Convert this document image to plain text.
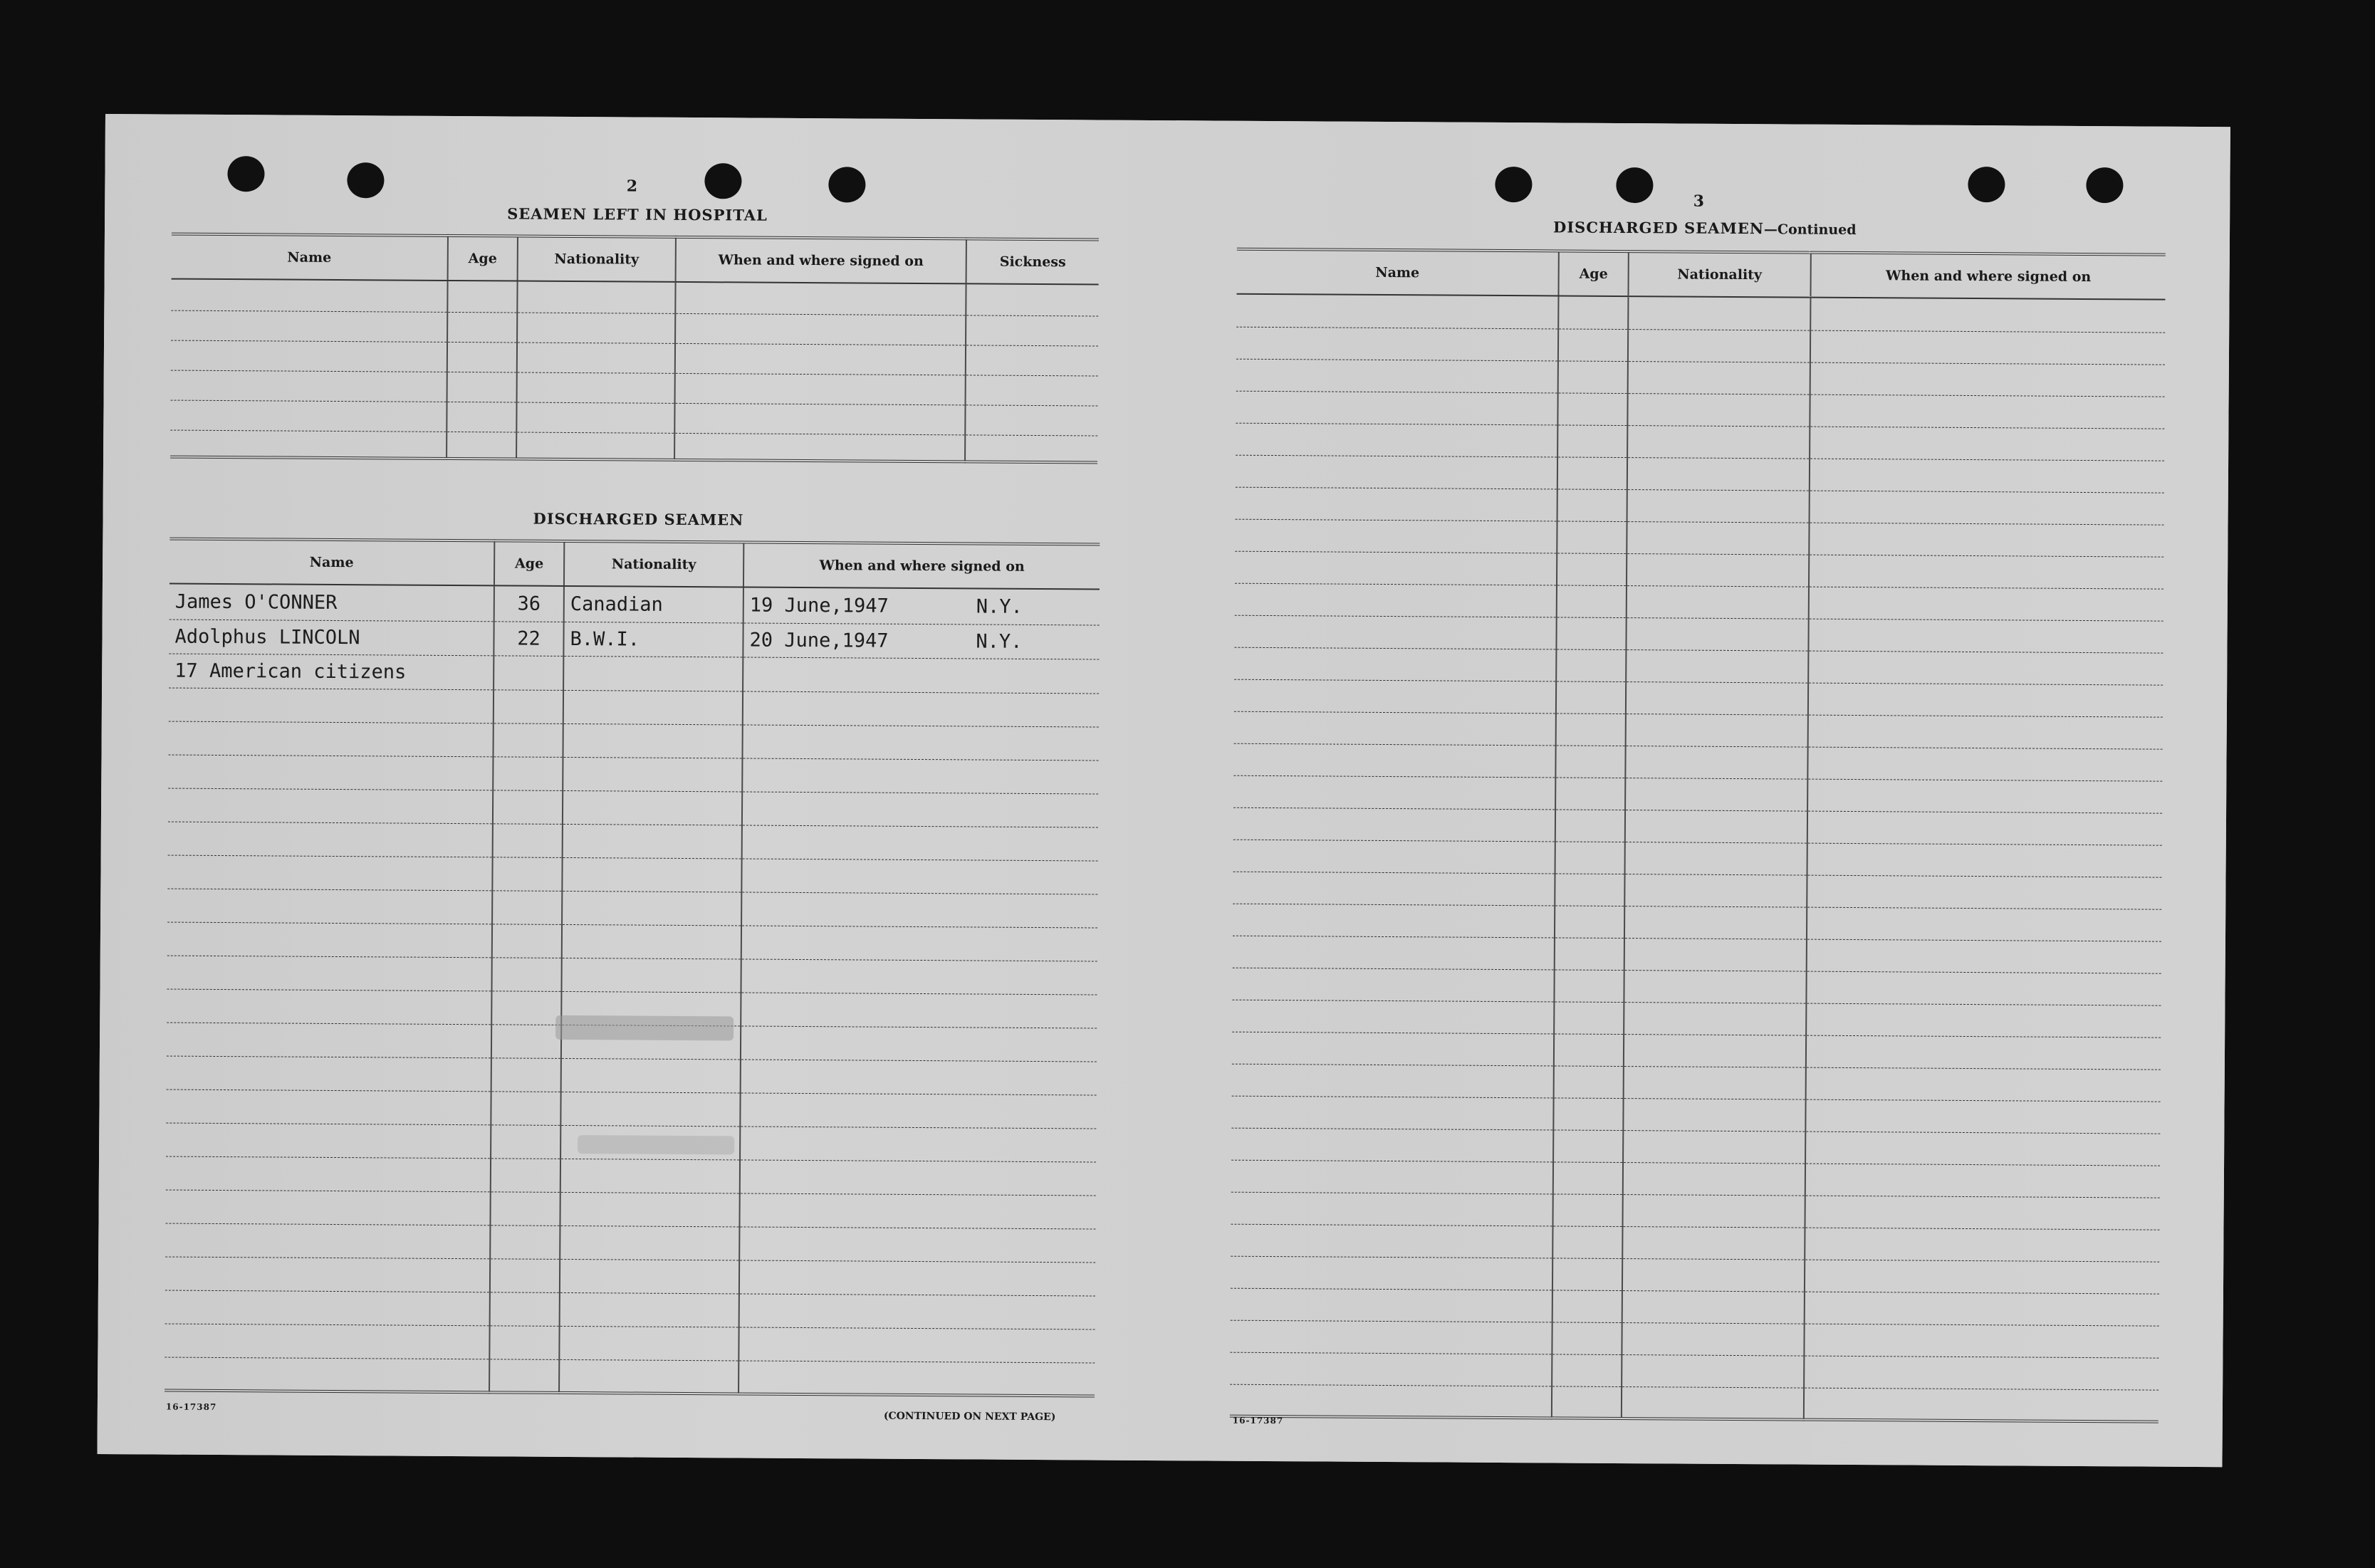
2
SEAMEN LEFT IN HOSPITAL
Name	Age	Nationality	When and where signed on	Sickness

DISCHARGED SEAMEN
Name	Age	Nationality	When and where signed on
James O'CONNER	36	Canadian	19 June,1947 N.Y.

Adolphus LINCOLN	22	B.W.I.	20 June,1947 N.Y.

17 American citizens			

16-17387
(CONTINUED ON NEXT PAGE)
3
DISCHARGED SEAMEN—Continued
Name	Age	Nationality	When and where signed on

16-17387
